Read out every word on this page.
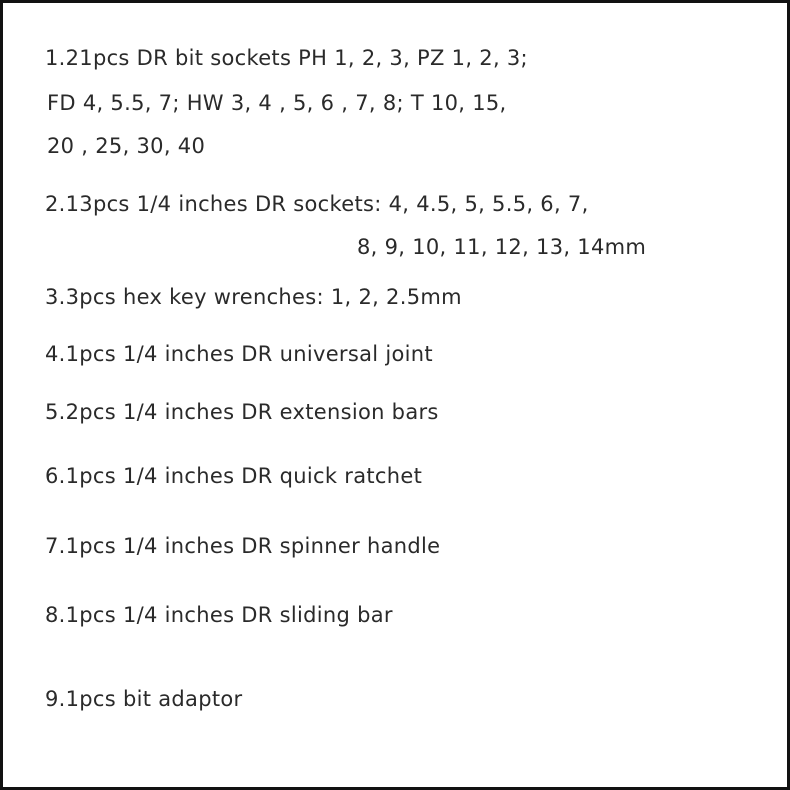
1.21pcs DR bit sockets PH 1, 2, 3, PZ 1, 2, 3;

FD 4, 5.5, 7; HW 3, 4 , 5, 6 , 7, 8; T 10, 15,

20 , 25, 30, 40

2.13pcs 1/4 inches DR sockets: 4, 4.5, 5, 5.5, 6, 7,

8, 9, 10, 11, 12, 13, 14mm

3.3pcs hex key wrenches: 1, 2, 2.5mm

4.1pcs 1/4 inches DR universal joint

5.2pcs 1/4 inches DR extension bars

6.1pcs 1/4 inches DR quick ratchet

7.1pcs 1/4 inches DR spinner handle

8.1pcs 1/4 inches DR sliding bar

9.1pcs bit adaptor
